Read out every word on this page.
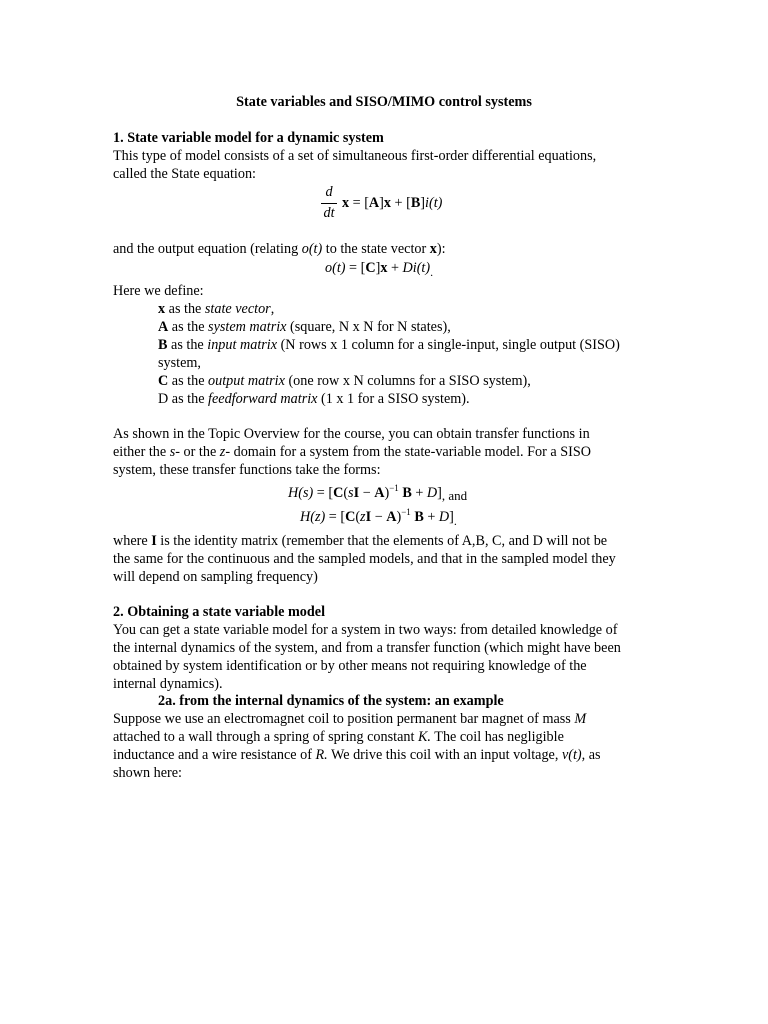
State variables and SISO/MIMO control systems
1. State variable model for a dynamic system
This type of model consists of a set of simultaneous first-order differential equations,
called the State equation:
d
dt
x = [A]x + [B]i(t)
and the output equation (relating o(t) to the state vector x):
$o(t) = [C]x + Di(t)_.$
Here we define:
x as the state vector,
A as the system matrix (square, N x N for N states),
B as the input matrix (N rows x 1 column for a single-input, single output (SISO)
system,
C as the output matrix (one row x N columns for a SISO system),
D as the feedforward matrix (1 x 1 for a SISO system).
As shown in the Topic Overview for the course, you can obtain transfer functions in
either the s- or the z- domain for a system from the state-variable model. For a SISO
system, these transfer functions take the forms:
H(s) = [C(sI − A)$^{-1}$ B + D], and
H(z) = [C(zI − A)$^{-1}$ $B + D]_.$
where I is the identity matrix (remember that the elements of A,B, C, and D will not be
the same for the continuous and the sampled models, and that in the sampled model they
will depend on sampling frequency)
2. Obtaining a state variable model
You can get a state variable model for a system in two ways: from detailed knowledge of
the internal dynamics of the system, and from a transfer function (which might have been
obtained by system identification or by other means not requiring knowledge of the
internal dynamics).
2a. from the internal dynamics of the system: an example
Suppose we use an electromagnet coil to position permanent bar magnet of mass M
attached to a wall through a spring of spring constant K. The coil has negligible
inductance and a wire resistance of R. We drive this coil with an input voltage, v(t), as
shown here:
